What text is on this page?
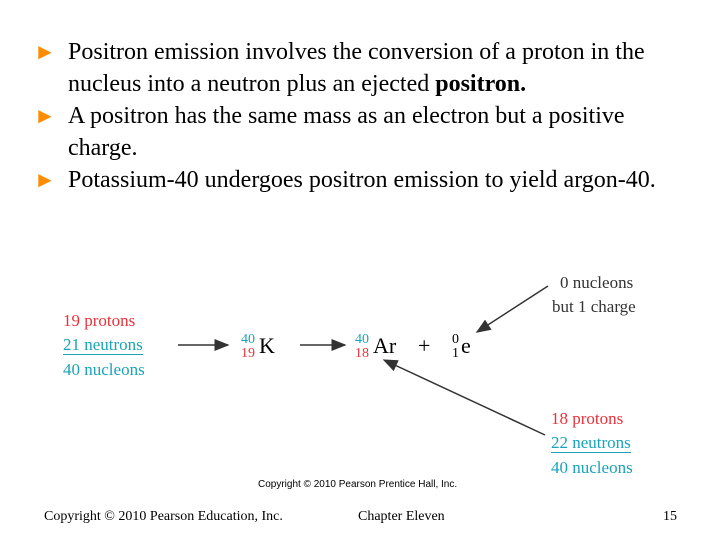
► Positron emission involves the conversion of a proton in the nucleus into a neutron plus an ejected positron.

► A positron has the same mass as an electron but a positive charge.

► Potassium-40 undergoes positron emission to yield argon-40.

19 protons
21 neutrons
40 nucleons
40
19 K	40
18 Ar + 0
1 e
0 nucleons
but 1 charge
18 protons
22 neutrons
40 nucleons
Copyright © 2010 Pearson Prentice Hall, Inc.
Copyright © 2010 Pearson Education, Inc.	Chapter Eleven	15
